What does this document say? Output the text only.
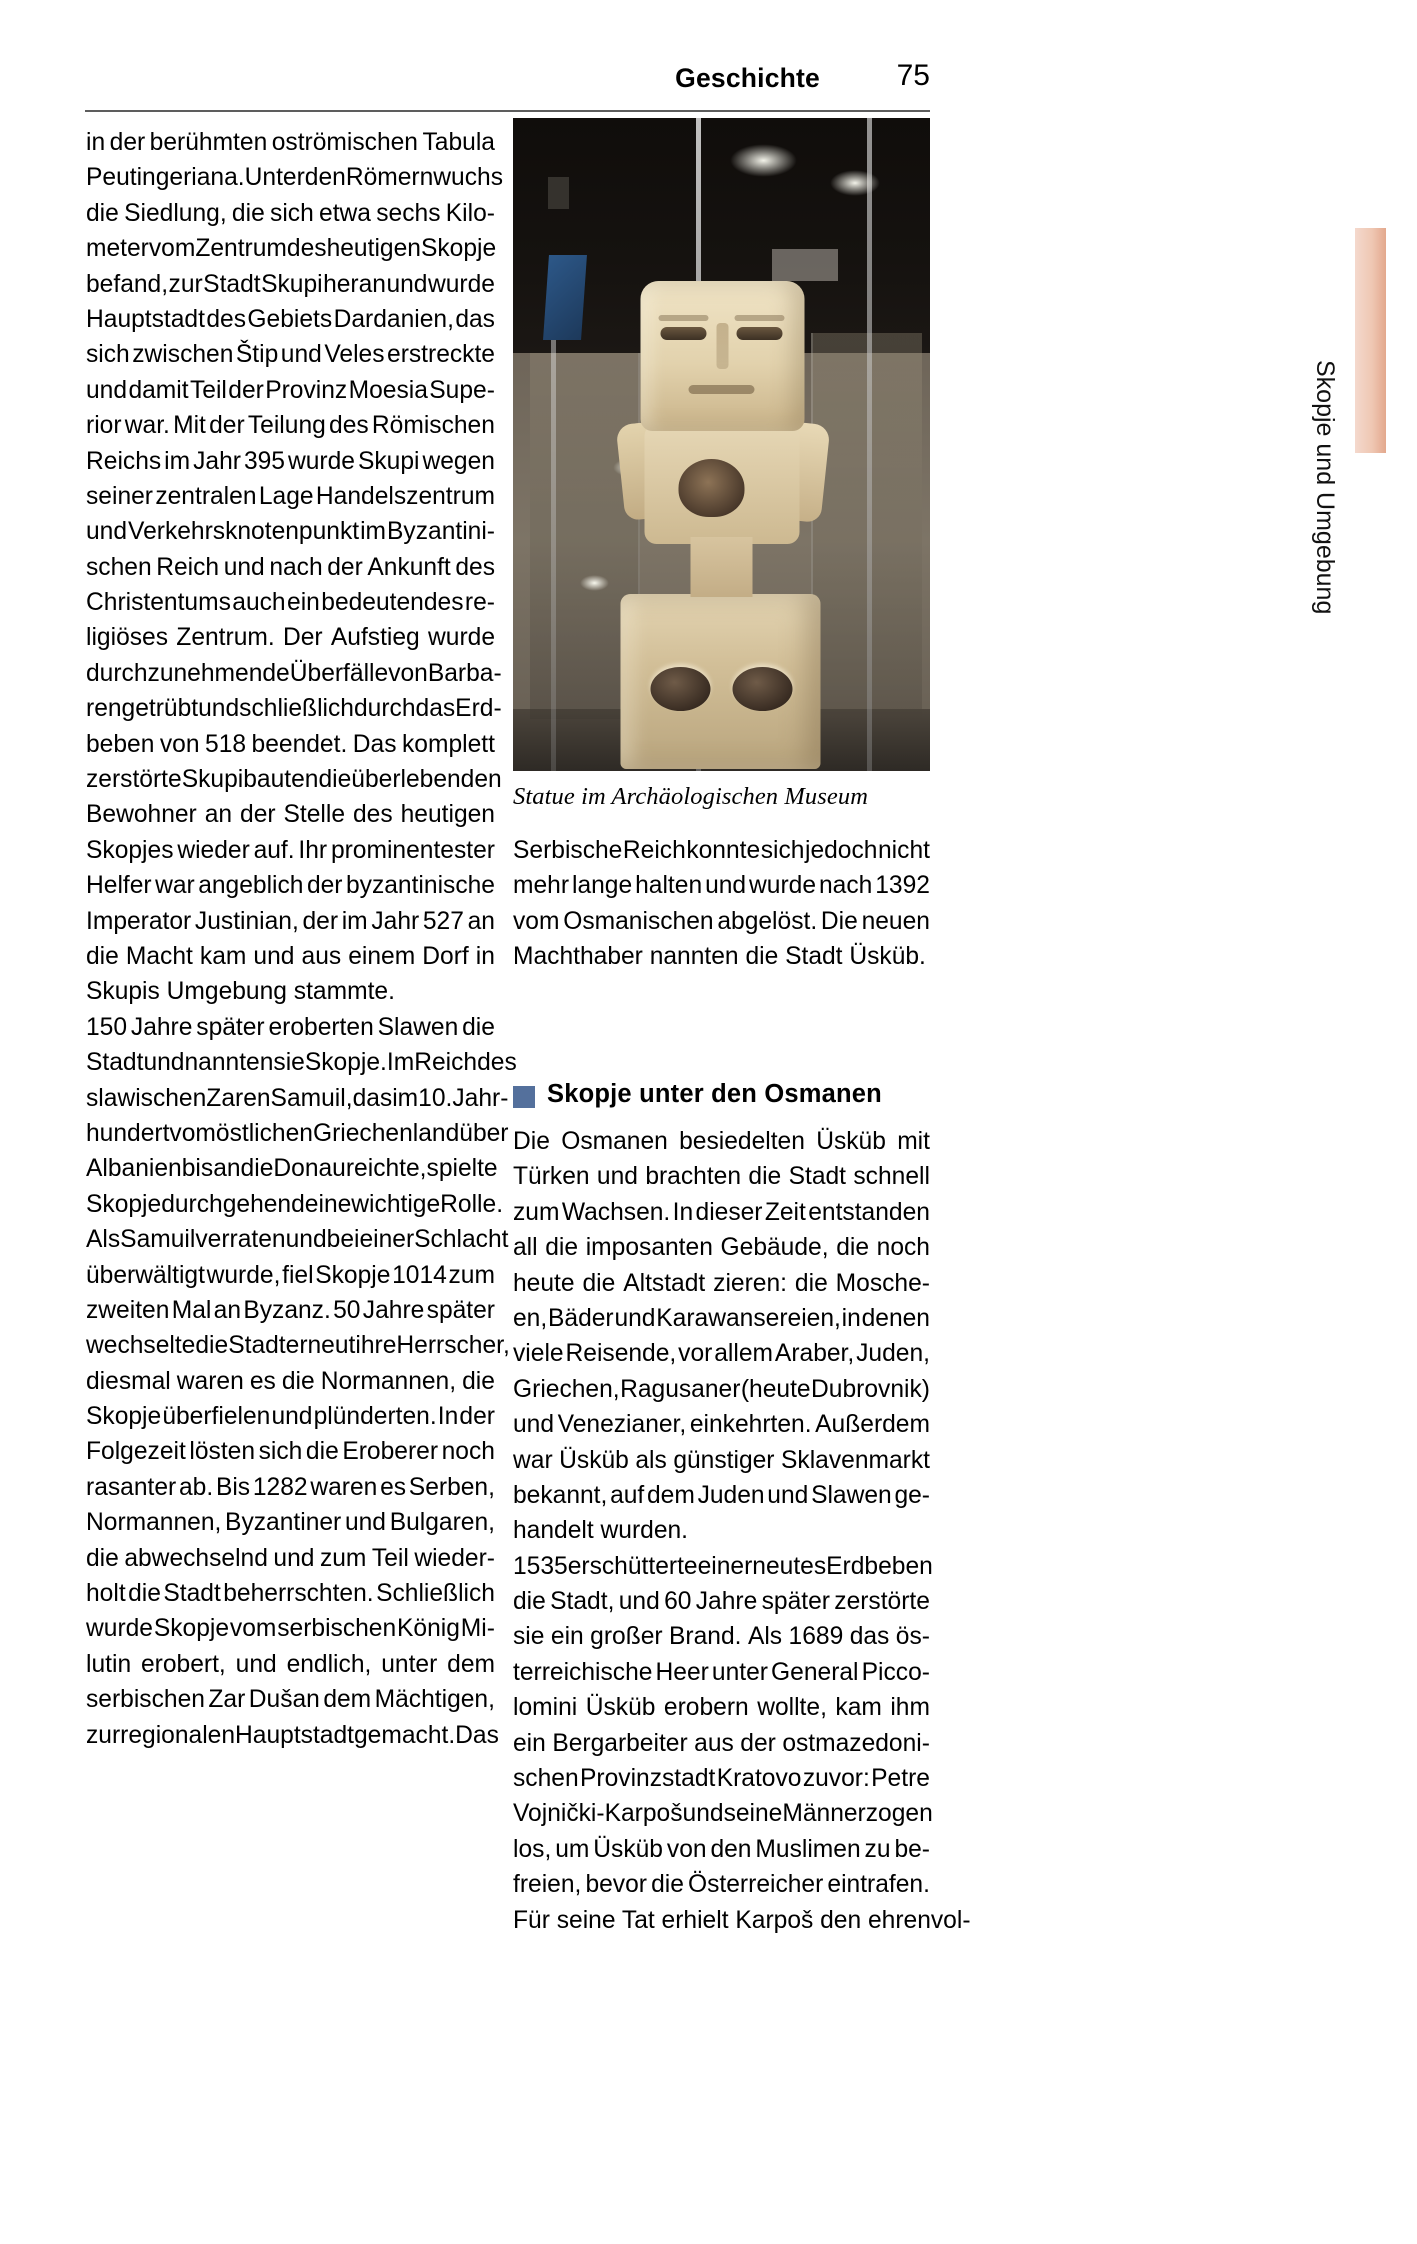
Geschichte	75
in der berühmten oströmischen Tabula
Peutingeriana. Unter den Römern wuchs
die Siedlung, die sich etwa sechs Kilo-
meter vom Zentrum des heutigen Skopje
befand, zur Stadt Skupi heran und wurde
Hauptstadt des Gebiets Dardanien, das
sich zwischen Štip und Veles erstreckte
und damit Teil der Provinz Moesia Supe-
rior war. Mit der Teilung des Römischen
Reichs im Jahr 395 wurde Skupi wegen
seiner zentralen Lage Handelszentrum
und Verkehrsknotenpunkt im Byzantini-
schen Reich und nach der Ankunft des
Christentums auch ein bedeutendes re-
ligiöses Zentrum. Der Aufstieg wurde
durch zunehmende Überfälle von Barba-
ren getrübt und schließlich durch das Erd-
beben von 518 beendet. Das komplett
zerstörte Skupi bauten die überlebenden
Bewohner an der Stelle des heutigen
Skopjes wieder auf. Ihr prominentester
Helfer war angeblich der byzantinische
Imperator Justinian, der im Jahr 527 an
die Macht kam und aus einem Dorf in
Skupis Umgebung stammte.
150 Jahre später eroberten Slawen die
Stadt und nannten sie Skopje. Im Reich des
slawischen Zaren Samuil, das im 10. Jahr-
hundert vom östlichen Griechenland über
Albanien bis an die Donau reichte, spielte
Skopje durchgehend eine wichtige Rolle.
Als Samuil verraten und bei einer Schlacht
überwältigt wurde, fiel Skopje 1014 zum
zweiten Mal an Byzanz. 50 Jahre später
wechselte die Stadt erneut ihre Herrscher,
diesmal waren es die Normannen, die
Skopje überfielen und plünderten. In der
Folgezeit lösten sich die Eroberer noch
rasanter ab. Bis 1282 waren es Serben,
Normannen, Byzantiner und Bulgaren,
die abwechselnd und zum Teil wieder-
holt die Stadt beherrschten. Schließlich
wurde Skopje vom serbischen König Mi-
lutin erobert, und endlich, unter dem
serbischen Zar Dušan dem Mächtigen,
zur regionalen Hauptstadt gemacht. Das
Statue im Archäologischen Museum
Serbische Reich konnte sich jedoch nicht
mehr lange halten und wurde nach 1392
vom Osmanischen abgelöst. Die neuen
Machthaber nannten die Stadt Üsküb.
Skopje unter den Osmanen
Die Osmanen besiedelten Üsküb mit
Türken und brachten die Stadt schnell
zum Wachsen. In dieser Zeit entstanden
all die imposanten Gebäude, die noch
heute die Altstadt zieren: die Mosche-
en, Bäder und Karawansereien, in denen
viele Reisende, vor allem Araber, Juden,
Griechen, Ragusaner (heute Dubrovnik)
und Venezianer, einkehrten. Außerdem
war Üsküb als günstiger Sklavenmarkt
bekannt, auf dem Juden und Slawen ge-
handelt wurden.
1535 erschütterte ein erneutes Erdbeben
die Stadt, und 60 Jahre später zerstörte
sie ein großer Brand. Als 1689 das ös-
terreichische Heer unter General Picco-
lomini Üsküb erobern wollte, kam ihm
ein Bergarbeiter aus der ostmazedoni-
schen Provinzstadt Kratovo zuvor: Petre
Vojnički-Karpoš und seine Männer zogen
los, um Üsküb von den Muslimen zu be-
freien, bevor die Österreicher eintrafen.
Für seine Tat erhielt Karpoš den ehrenvol-
Skopje und Umgebung
